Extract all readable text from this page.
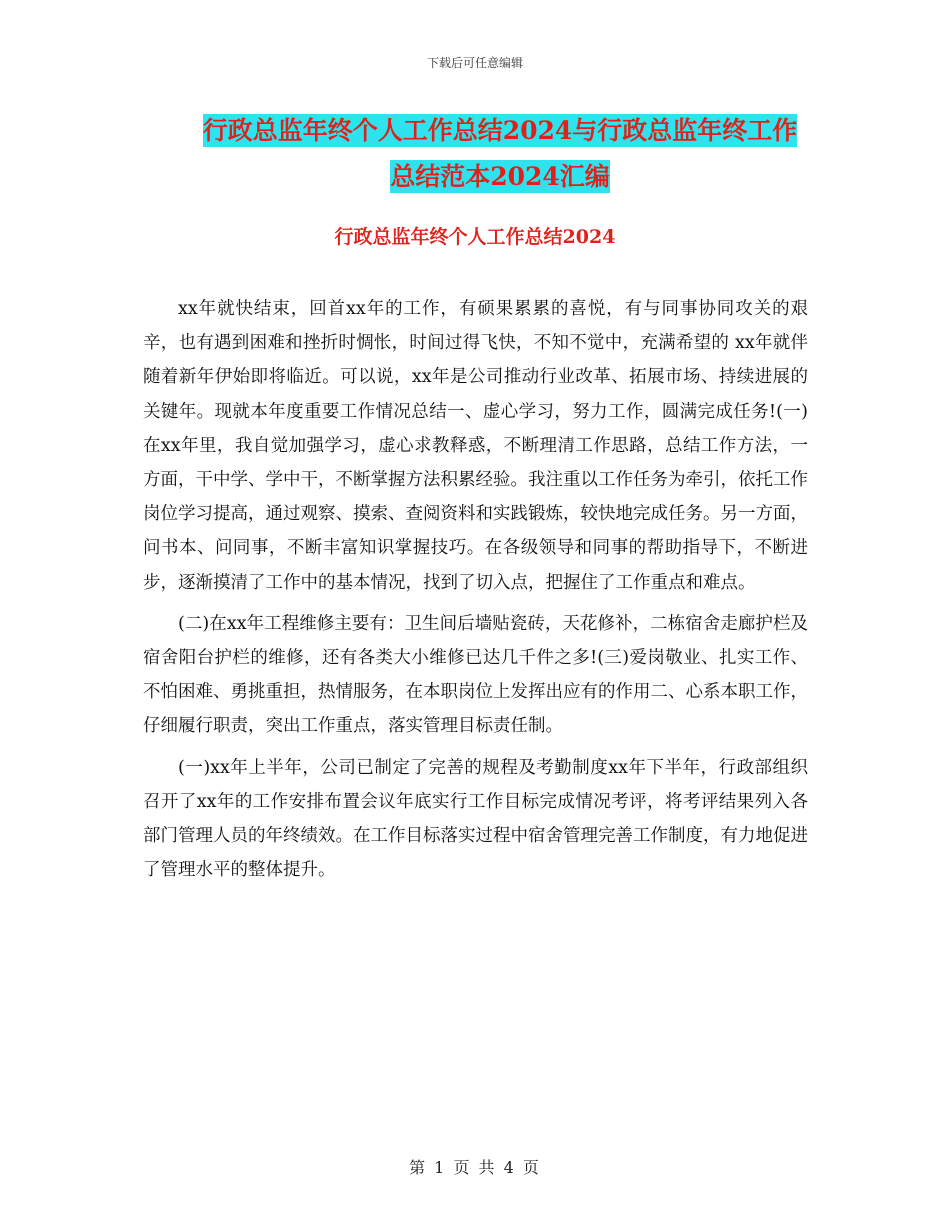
下载后可任意编辑
行政总监年终个人工作总结2024与行政总监年终工作
总结范本2024汇编
行政总监年终个人工作总结2024

xx年就快结束，回首xx年的工作，有硕果累累的喜悦，有与同事协同攻关的艰辛，也有遇到困难和挫折时惆怅，时间过得飞快，不知不觉中，充满希望的 xx年就伴随着新年伊始即将临近。可以说，xx年是公司推动行业改革、拓展市场、持续进展的关键年。现就本年度重要工作情况总结一、虚心学习，努力工作，圆满完成任务!(一)在xx年里，我自觉加强学习，虚心求教释惑，不断理清工作思路，总结工作方法，一方面，干中学、学中干，不断掌握方法积累经验。我注重以工作任务为牵引，依托工作岗位学习提高，通过观察、摸索、查阅资料和实践锻炼，较快地完成任务。另一方面，问书本、问同事，不断丰富知识掌握技巧。在各级领导和同事的帮助指导下，不断进步，逐渐摸清了工作中的基本情况，找到了切入点，把握住了工作重点和难点。

(二)在xx年工程维修主要有：卫生间后墙贴瓷砖，天花修补，二栋宿舍走廊护栏及宿舍阳台护栏的维修，还有各类大小维修已达几千件之多!(三)爱岗敬业、扎实工作、不怕困难、勇挑重担，热情服务，在本职岗位上发挥出应有的作用二、心系本职工作，仔细履行职责，突出工作重点，落实管理目标责任制。

(一)xx年上半年，公司已制定了完善的规程及考勤制度xx年下半年，行政部组织召开了xx年的工作安排布置会议年底实行工作目标完成情况考评，将考评结果列入各部门管理人员的年终绩效。在工作目标落实过程中宿舍管理完善工作制度，有力地促进了管理水平的整体提升。

第 1 页 共 4 页
